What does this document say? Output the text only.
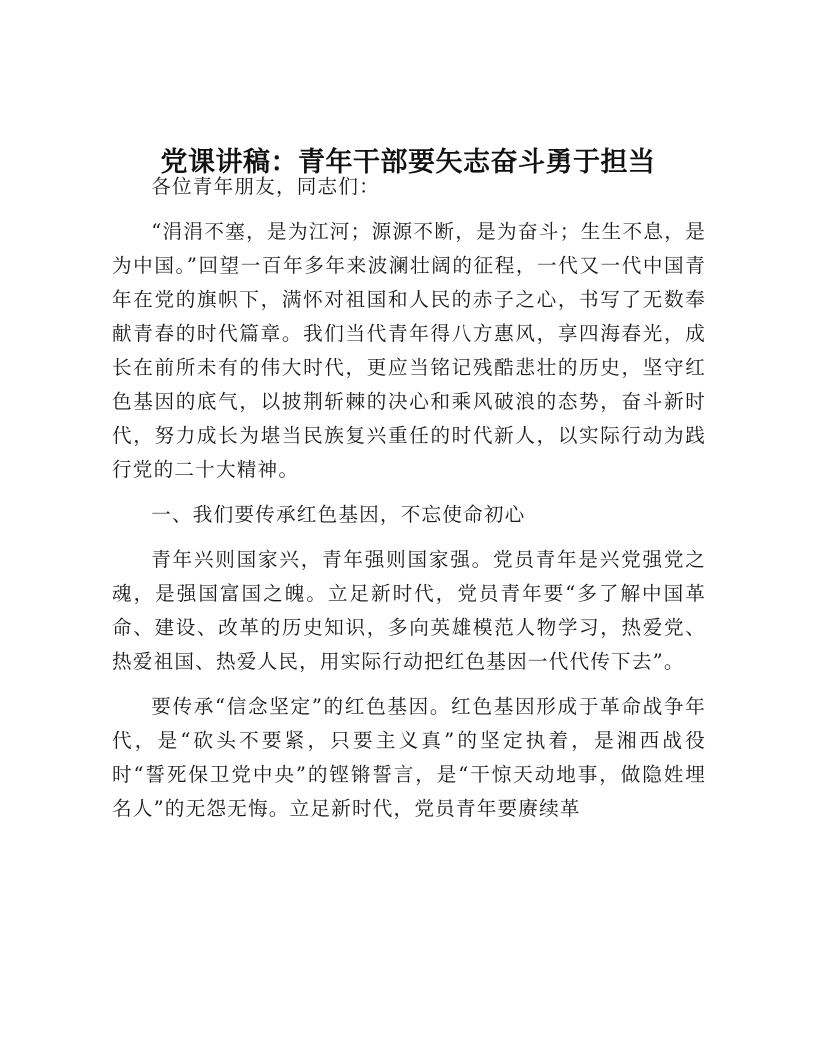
党课讲稿：青年干部要矢志奋斗勇于担当

各位青年朋友，同志们：

“涓涓不塞，是为江河；源源不断，是为奋斗；生生不息，是为中国。”回望一百年多年来波澜壮阔的征程，一代又一代中国青年在党的旗帜下，满怀对祖国和人民的赤子之心，书写了无数奉献青春的时代篇章。我们当代青年得八方惠风，享四海春光，成长在前所未有的伟大时代，更应当铭记残酷悲壮的历史，坚守红色基因的底气，以披荆斩棘的决心和乘风破浪的态势，奋斗新时代，努力成长为堪当民族复兴重任的时代新人，以实际行动为践行党的二十大精神。

一、我们要传承红色基因，不忘使命初心

青年兴则国家兴，青年强则国家强。党员青年是兴党强党之魂，是强国富国之魄。立足新时代，党员青年要“多了解中国革命、建设、改革的历史知识，多向英雄模范人物学习，热爱党、热爱祖国、热爱人民，用实际行动把红色基因一代代传下去”。

要传承“信念坚定”的红色基因。红色基因形成于革命战争年代，是“砍头不要紧，只要主义真”的坚定执着，是湘西战役时“誓死保卫党中央”的铿锵誓言，是“干惊天动地事，做隐姓埋名人”的无怨无悔。立足新时代，党员青年要赓续革
